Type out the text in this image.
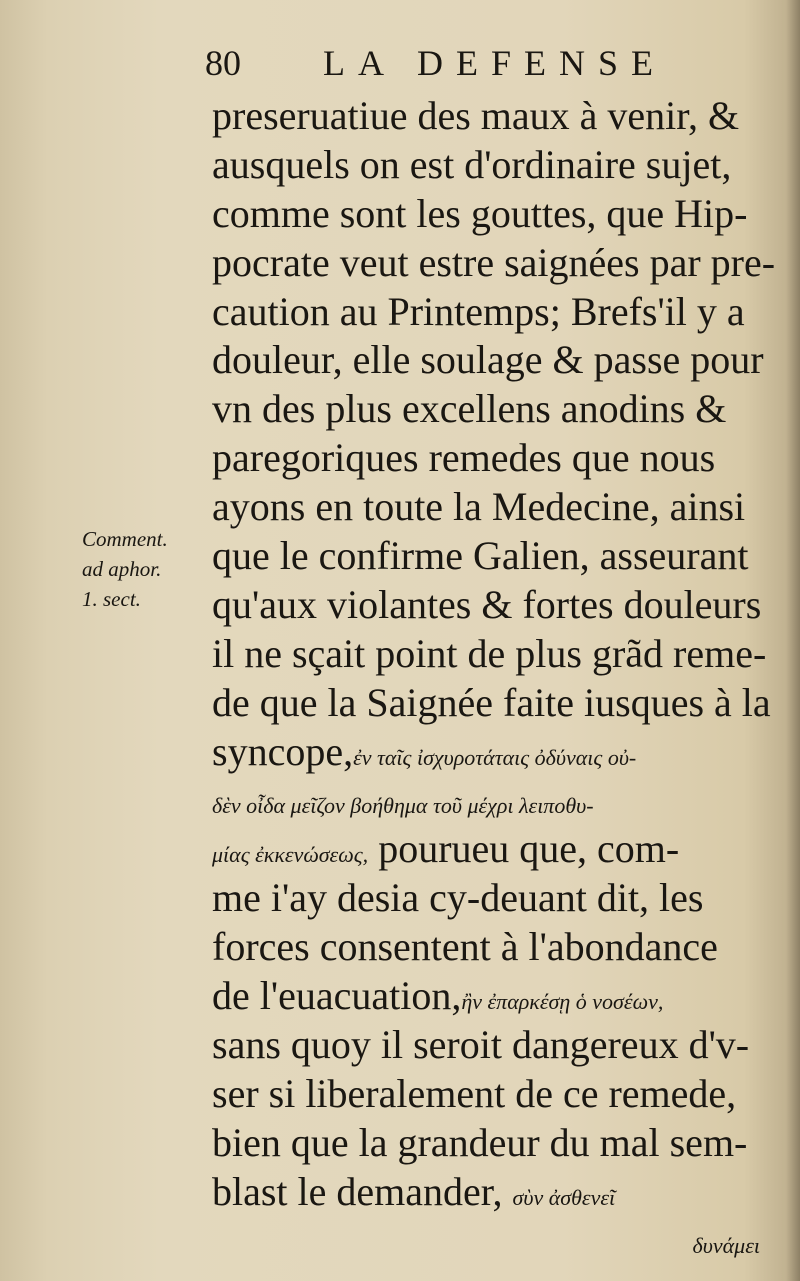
80 LA DEFENSE
Comment.
ad aphor.
1. sect.
preseruatiue des maux à venir, &
ausquels on est d'ordinaire sujet,
comme sont les gouttes, que Hip-
pocrate veut estre saignées par pre-
caution au Printemps; Brefs'il y a
douleur, elle soulage & passe pour
vn des plus excellens anodins &
paregoriques remedes que nous
ayons en toute la Medecine, ainsi
que le confirme Galien, asseurant
qu'aux violantes & fortes douleurs
il ne sçait point de plus grãd reme-
de que la Saignée faite iusques à la
syncope,ἐν ταῖς ἰσχυροτάταις ὀδύναις οὐ-
δὲν οἶδα μεῖζον βοήθημα τοῦ μέχρι λειποθυ-
μίας ἐκκενώσεως, pourueu que, com-
me i'ay desia cy-deuant dit, les
forces consentent à l'abondance
de l'euacuation,ἢν ἐπαρκέσῃ ὁ νοσέων,
sans quoy il seroit dangereux d'v-
ser si liberalement de ce remede,
bien que la grandeur du mal sem-
blast le demander, σὺν ἀσθενεῖ
δυνάμει
